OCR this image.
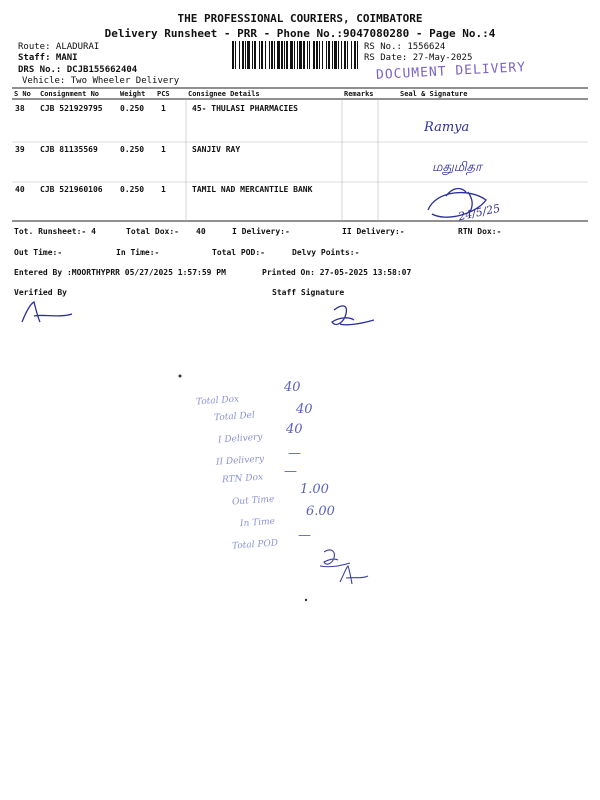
THE PROFESSIONAL COURIERS, COIMBATORE
Delivery Runsheet - PRR - Phone No.:9047080280 - Page No.:4
Route: ALADURAI
Staff: MANI
DRS No.: DCJB155662404
Vehicle: Two Wheeler Delivery
RS No.: 1556624
RS Date: 27-May-2025
DOCUMENT DELIVERY
S No Consignment No	Weight PCS	Consignee Details	Remarks	Seal & Signature
38 CJB 521929795 0.250 1	45- THULASI PHARMACIES
Ramya
39 CJB 81135569	0.250 1	SANJIV RAY
மதுமிதா
40 CJB 521960106 0.250 1	TAMIL NAD MERCANTILE BANK
24/5/25
Tot. Runsheet:- 4	Total Dox:- 40	I Delivery:-	II Delivery:-	RTN Dox:-
Out Time:-	In Time:-	Total POD:-	Delvy Points:-
Entered By :MOORTHYPRR 05/27/2025 1:57:59 PM	Printed On: 27-05-2025 13:58:07
Verified By	Staff Signature
Total Dox
40
Total Del	40
I Delivery
40
II Delivery —
RTN Dox —
Out Time
1.00
In Time
6.00
Total POD
—
